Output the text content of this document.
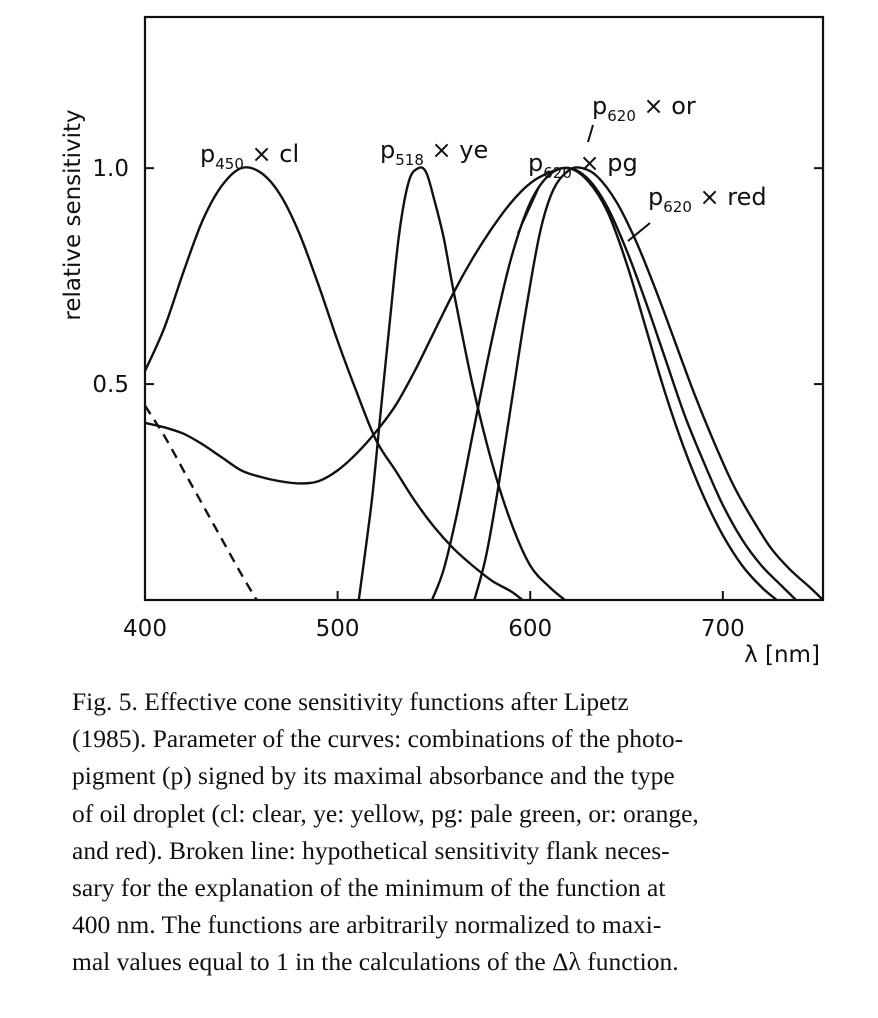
400	500	600	700
0.5
1.0
$p_{450}$ × cl	$p_{518}$ × ye $p_{620}$ × pg
$p_{620}$ × or
$p_{620}$ × red
relative sensitivity
λ [nm]
Fig. 5. Effective cone sensitivity functions after Lipetz
(1985). Parameter of the curves: combinations of the photo-
pigment (p) signed by its maximal absorbance and the type
of oil droplet (cl: clear, ye: yellow, pg: pale green, or: orange,
and red). Broken line: hypothetical sensitivity flank neces-
sary for the explanation of the minimum of the function at
400 nm. The functions are arbitrarily normalized to maxi-
mal values equal to 1 in the calculations of the Δλ function.
